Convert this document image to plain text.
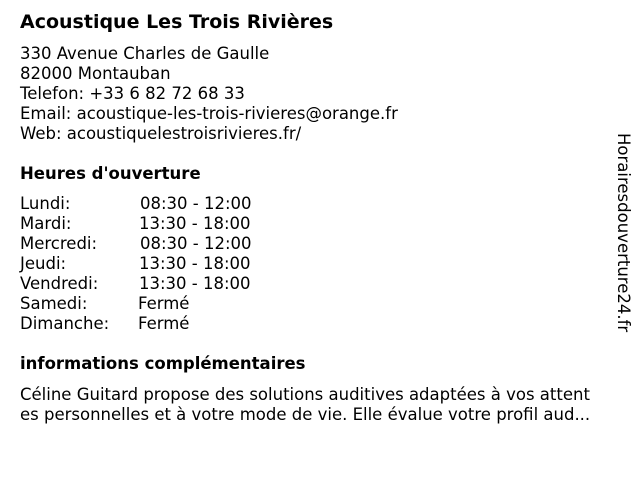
Acoustique Les Trois Rivières
330 Avenue Charles de Gaulle
82000 Montauban
Telefon: +33 6 82 72 68 33
Email: acoustique-les-trois-rivieres@orange.fr
Web: acoustiquelestroisrivieres.fr/
Heures d'ouverture
Lundi:	08:30 - 12:00
Mardi:	13:30 - 18:00
Mercredi:	08:30 - 12:00
Jeudi:	13:30 - 18:00
Vendredi: 13:30 - 18:00
Samedi:	Fermé
Dimanche: Fermé
informations complémentaires
Céline Guitard propose des solutions auditives adaptées à vos attent
es personnelles et à votre mode de vie. Elle évalue votre profil aud...
Horairesdouverture24.fr
